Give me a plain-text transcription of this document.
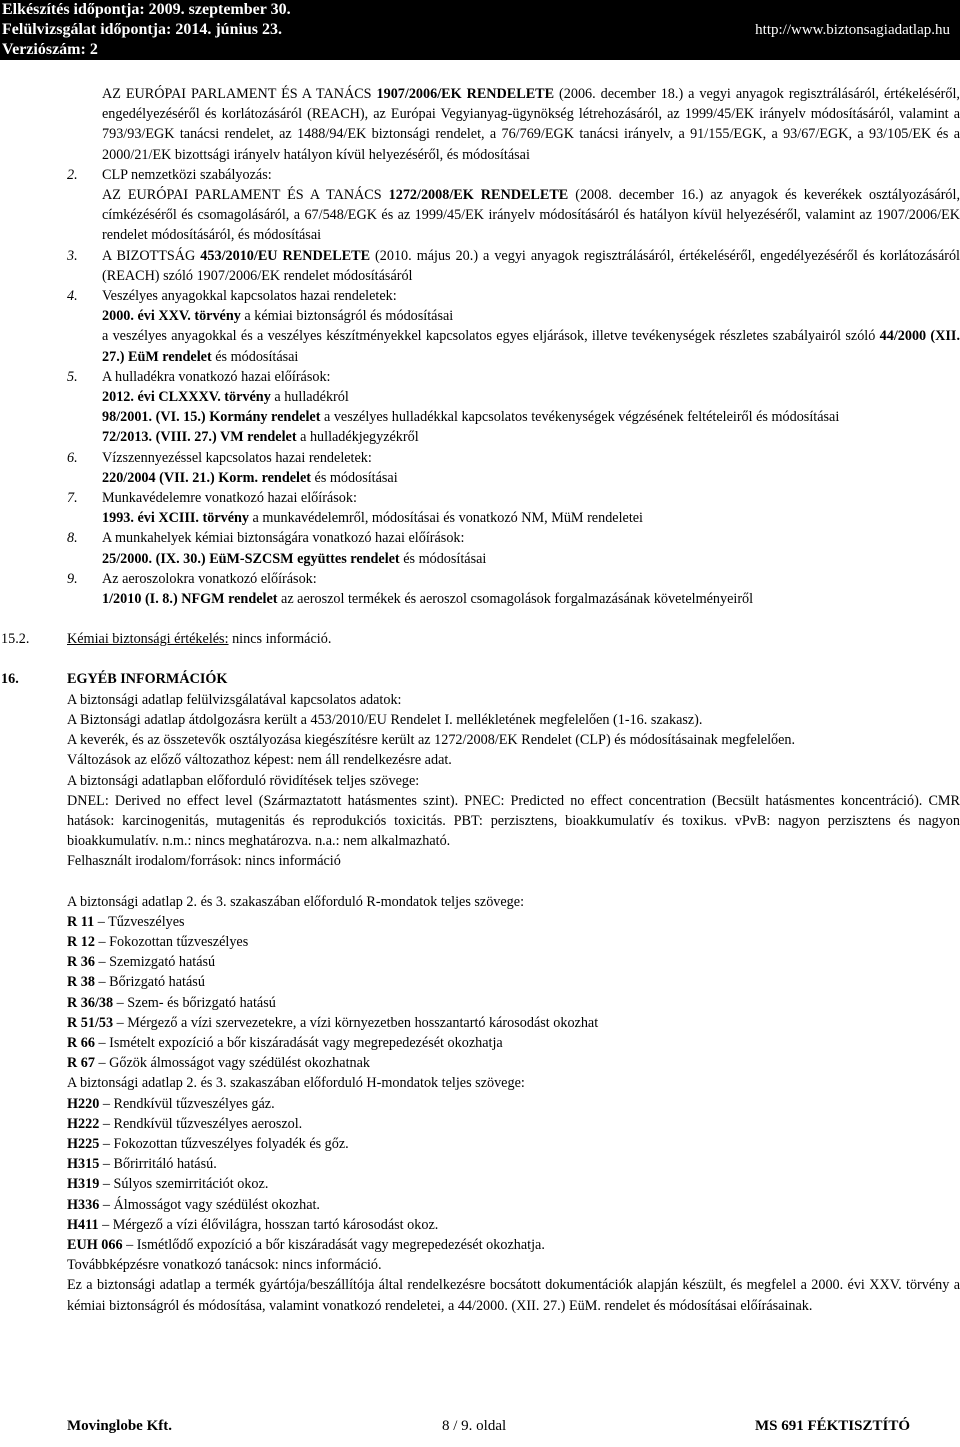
Elkészítés időpontja: 2009. szeptember 30.
Felülvizsgálat időpontja: 2014. június 23.
Verziószám: 2
http://www.biztonsagiadatlap.hu
AZ EURÓPAI PARLAMENT ÉS A TANÁCS 1907/2006/EK RENDELETE (2006. december 18.) a vegyi anyagok regisztrálásáról, értékeléséről, engedélyezéséről és korlátozásáról (REACH), az Európai Vegyianyag-ügynökség létrehozásáról, az 1999/45/EK irányelv módosításáról, valamint a 793/93/EGK tanácsi rendelet, az 1488/94/EK biztonsági rendelet, a 76/769/EGK tanácsi irányelv, a 91/155/EGK, a 93/67/EGK, a 93/105/EK és a 2000/21/EK bizottsági irányelv hatályon kívül helyezéséről, és módosításai
2. CLP nemzetközi szabályozás:
AZ EURÓPAI PARLAMENT ÉS A TANÁCS 1272/2008/EK RENDELETE (2008. december 16.) az anyagok és keverékek osztályozásáról, címkézéséről és csomagolásáról, a 67/548/EGK és az 1999/45/EK irányelv módosításáról és hatályon kívül helyezéséről, valamint az 1907/2006/EK rendelet módosításáról, és módosításai
3. A BIZOTTSÁG 453/2010/EU RENDELETE (2010. május 20.) a vegyi anyagok regisztrálásáról, értékeléséről, engedélyezéséről és korlátozásáról (REACH) szóló 1907/2006/EK rendelet módosításáról
4. Veszélyes anyagokkal kapcsolatos hazai rendeletek:
2000. évi XXV. törvény a kémiai biztonságról és módosításai
a veszélyes anyagokkal és a veszélyes készítményekkel kapcsolatos egyes eljárások, illetve tevékenységek részletes szabályairól szóló 44/2000 (XII. 27.) EüM rendelet és módosításai
5. A hulladékra vonatkozó hazai előírások:
2012. évi CLXXXV. törvény a hulladékról
98/2001. (VI. 15.) Kormány rendelet a veszélyes hulladékkal kapcsolatos tevékenységek végzésének feltételeiről és módosításai
72/2013. (VIII. 27.) VM rendelet a hulladékjegyzékről
6. Vízszennyezéssel kapcsolatos hazai rendeletek:
220/2004 (VII. 21.) Korm. rendelet és módosításai
7. Munkavédelemre vonatkozó hazai előírások:
1993. évi XCIII. törvény a munkavédelemről, módosításai és vonatkozó NM, MüM rendeletei
8. A munkahelyek kémiai biztonságára vonatkozó hazai előírások:
25/2000. (IX. 30.) EüM-SZCSM együttes rendelet és módosításai
9. Az aeroszolokra vonatkozó előírások:
1/2010 (I. 8.) NFGM rendelet az aeroszol termékek és aeroszol csomagolások forgalmazásának követelményeiről
15.2.	Kémiai biztonsági értékelés: nincs információ.
16.	EGYÉB INFORMÁCIÓK
A biztonsági adatlap felülvizsgálatával kapcsolatos adatok:
A Biztonsági adatlap átdolgozásra került a 453/2010/EU Rendelet I. mellékletének megfelelően (1-16. szakasz).
A keverék, és az összetevők osztályozása kiegészítésre került az 1272/2008/EK Rendelet (CLP) és módosításainak megfelelően.
Változások az előző változathoz képest: nem áll rendelkezésre adat.
A biztonsági adatlapban előforduló rövidítések teljes szövege:
DNEL: Derived no effect level (Származtatott hatásmentes szint). PNEC: Predicted no effect concentration (Becsült hatásmentes koncentráció). CMR hatások: karcinogenitás, mutagenitás és reprodukciós toxicitás. PBT: perzisztens, bioakkumulatív és toxikus. vPvB: nagyon perzisztens és nagyon bioakkumulatív. n.m.: nincs meghatározva. n.a.: nem alkalmazható.
Felhasznált irodalom/források: nincs információ
A biztonsági adatlap 2. és 3. szakaszában előforduló R-mondatok teljes szövege:
R 11 – Tűzveszélyes
R 12 – Fokozottan tűzveszélyes
R 36 – Szemizgató hatású
R 38 – Bőrizgató hatású
R 36/38 – Szem- és bőrizgató hatású
R 51/53 – Mérgező a vízi szervezetekre, a vízi környezetben hosszantartó károsodást okozhat
R 66 – Ismételt expozíció a bőr kiszáradását vagy megrepedezését okozhatja
R 67 – Gőzök álmosságot vagy szédülést okozhatnak
A biztonsági adatlap 2. és 3. szakaszában előforduló H-mondatok teljes szövege:
H220 – Rendkívül tűzveszélyes gáz.
H222 – Rendkívül tűzveszélyes aeroszol.
H225 – Fokozottan tűzveszélyes folyadék és gőz.
H315 – Bőrirritáló hatású.
H319 – Súlyos szemirritációt okoz.
H336 – Álmosságot vagy szédülést okozhat.
H411 – Mérgező a vízi élővilágra, hosszan tartó károsodást okoz.
EUH 066 – Ismétlődő expozíció a bőr kiszáradását vagy megrepedezését okozhatja.
Továbbképzésre vonatkozó tanácsok: nincs információ.
Ez a biztonsági adatlap a termék gyártója/beszállítója által rendelkezésre bocsátott dokumentációk alapján készült, és megfelel a 2000. évi XXV. törvény a kémiai biztonságról és módosítása, valamint vonatkozó rendeletei, a 44/2000. (XII. 27.) EüM. rendelet és módosításai előírásainak.
Movinglobe Kft.	8 / 9. oldal	MS 691 FÉKTISZTÍTÓ
